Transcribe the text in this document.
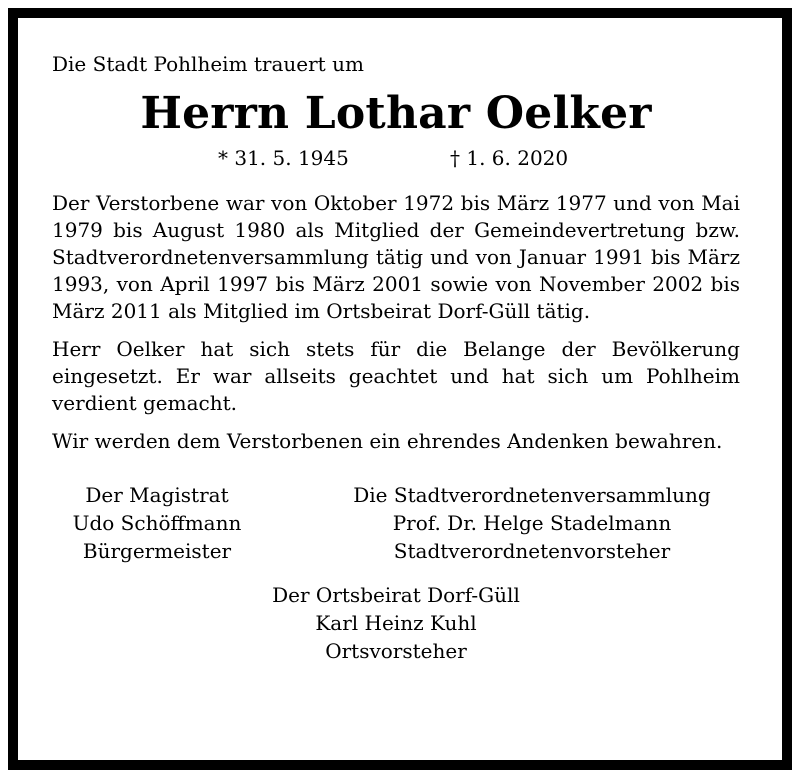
Die Stadt Pohlheim trauert um

Herrn Lothar Oelker
* 31. 5. 1945	† 1. 6. 2020

Der Verstorbene war von Oktober 1972 bis März 1977 und von Mai 1979 bis August 1980 als Mitglied der Gemeindevertretung bzw. Stadtverordnetenversammlung tätig und von Januar 1991 bis März 1993, von April 1997 bis März 2001 sowie von November 2002 bis März 2011 als Mitglied im Ortsbeirat Dorf-Güll tätig.

Herr Oelker hat sich stets für die Belange der Bevölkerung eingesetzt. Er war allseits geachtet und hat sich um Pohlheim verdient gemacht.

Wir werden dem Verstorbenen ein ehrendes Andenken bewahren.

Der Magistrat
Udo Schöffmann
Bürgermeister
Die Stadtverordnetenversammlung
Prof. Dr. Helge Stadelmann
Stadtverordnetenvorsteher
Der Ortsbeirat Dorf-Güll
Karl Heinz Kuhl
Ortsvorsteher
